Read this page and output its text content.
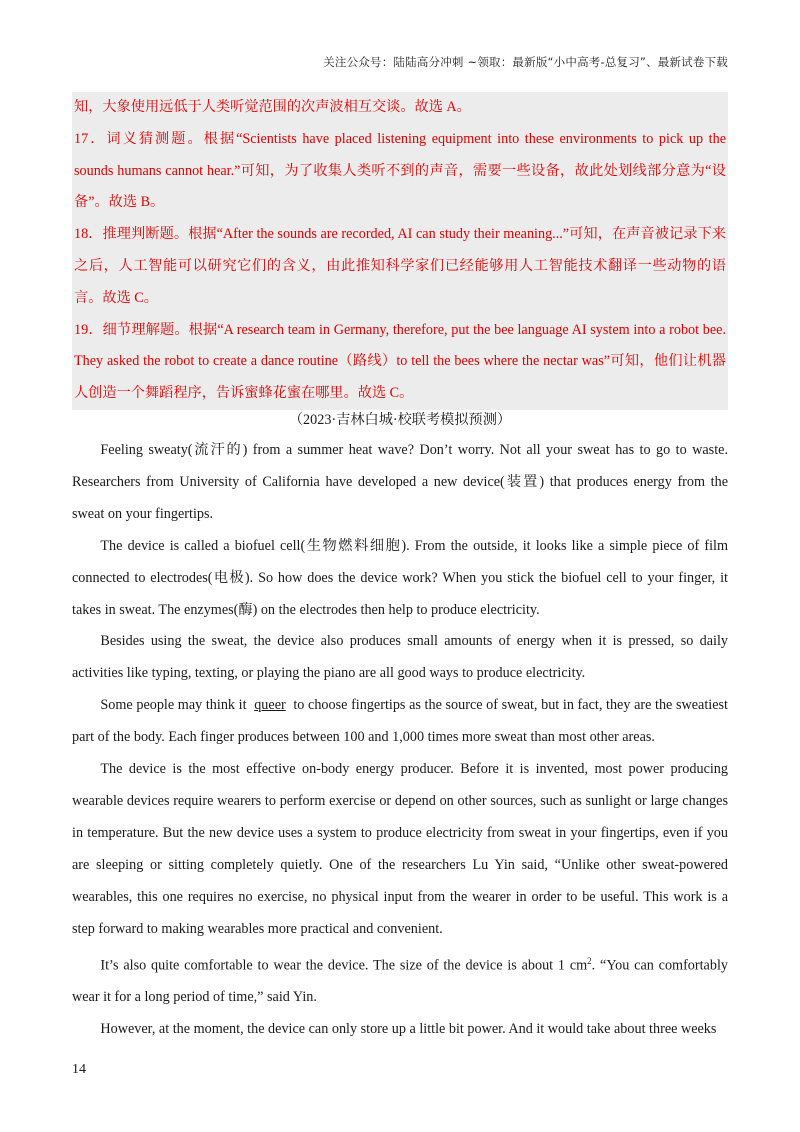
关注公众号：陆陆高分冲刺 ~领取：最新版“小中高考-总复习”、最新试卷下载

知，大象使用远低于人类听觉范围的次声波相互交谈。故选 A。

17．词义猜测题。根据“Scientists have placed listening equipment into these environments to pick up the sounds humans cannot hear.”可知，为了收集人类听不到的声音，需要一些设备，故此处划线部分意为“设备”。故选 B。

18．推理判断题。根据“After the sounds are recorded, AI can study their meaning...”可知，在声音被记录下来之后，人工智能可以研究它们的含义，由此推知科学家们已经能够用人工智能技术翻译一些动物的语言。故选 C。

19．细节理解题。根据“A research team in Germany, therefore, put the bee language AI system into a robot bee. They asked the robot to create a dance routine（路线）to tell the bees where the nectar was”可知，他们让机器人创造一个舞蹈程序，告诉蜜蜂花蜜在哪里。故选 C。

（2023·吉林白城·校联考模拟预测）

Feeling sweaty(流汗的) from a summer heat wave? Don’t worry. Not all your sweat has to go to waste. Researchers from University of California have developed a new device(装置) that produces energy from the sweat on your fingertips.

The device is called a biofuel cell(生物燃料细胞). From the outside, it looks like a simple piece of film connected to electrodes(电极). So how does the device work? When you stick the biofuel cell to your finger, it takes in sweat. The enzymes(酶) on the electrodes then help to produce electricity.

Besides using the sweat, the device also produces small amounts of energy when it is pressed, so daily activities like typing, texting, or playing the piano are all good ways to produce electricity.

Some people may think it queer to choose fingertips as the source of sweat, but in fact, they are the sweatiest part of the body. Each finger produces between 100 and 1,000 times more sweat than most other areas.

The device is the most effective on-body energy producer. Before it is invented, most power producing wearable devices require wearers to perform exercise or depend on other sources, such as sunlight or large changes in temperature. But the new device uses a system to produce electricity from sweat in your fingertips, even if you are sleeping or sitting completely quietly. One of the researchers Lu Yin said, “Unlike other sweat-powered wearables, this one requires no exercise, no physical input from the wearer in order to be useful. This work is a step forward to making wearables more practical and convenient.

It’s also quite comfortable to wear the device. The size of the device is about 1 $cm^2$. “You can comfortably wear it for a long period of time,” said Yin.

However, at the moment, the device can only store up a little bit power. And it would take about three weeks

14
